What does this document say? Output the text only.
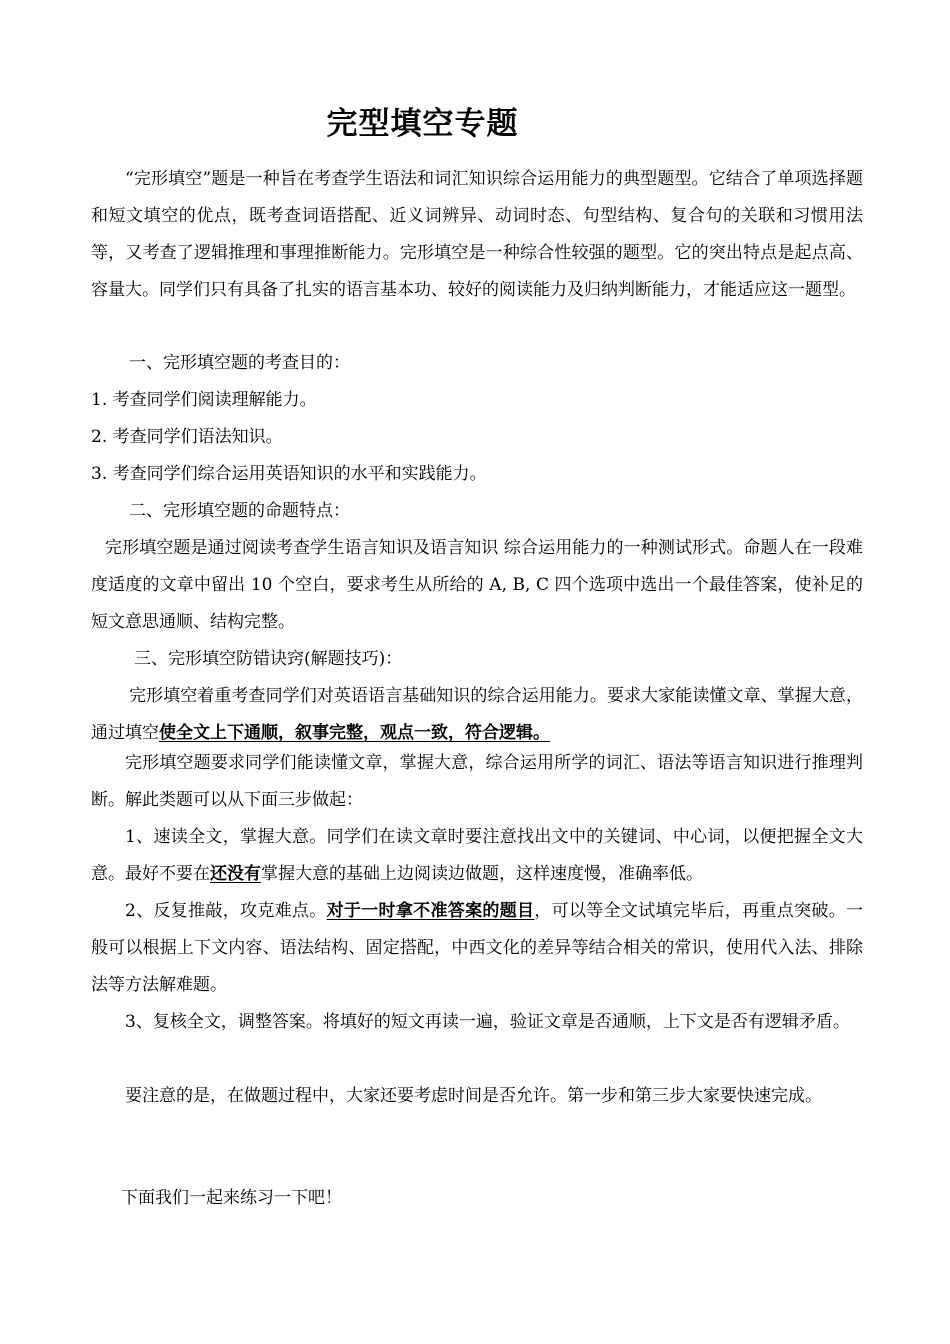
完型填空专题

“完形填空”题是一种旨在考查学生语法和词汇知识综合运用能力的典型题型。它结合了单项选择题和短文填空的优点，既考查词语搭配、近义词辨异、动词时态、句型结构、复合句的关联和习惯用法等，又考查了逻辑推理和事理推断能力。完形填空是一种综合性较强的题型。它的突出特点是起点高、容量大。同学们只有具备了扎实的语言基本功、较好的阅读能力及归纳判断能力，才能适应这一题型。

一、完形填空题的考查目的：

1. 考查同学们阅读理解能力。

2. 考查同学们语法知识。

3. 考查同学们综合运用英语知识的水平和实践能力。

二、完形填空题的命题特点：

完形填空题是通过阅读考查学生语言知识及语言知识 综合运用能力的一种测试形式。命题人在一段难度适度的文章中留出 10 个空白，要求考生从所给的 A, B, C 四个选项中选出一个最佳答案，使补足的短文意思通顺、结构完整。

三、完形填空防错诀窍(解题技巧)：

完形填空着重考查同学们对英语语言基础知识的综合运用能力。要求大家能读懂文章、掌握大意，通过填空使全文上下通顺，叙事完整，观点一致，符合逻辑。

完形填空题要求同学们能读懂文章，掌握大意，综合运用所学的词汇、语法等语言知识进行推理判断。解此类题可以从下面三步做起：

1、速读全文，掌握大意。同学们在读文章时要注意找出文中的关键词、中心词，以便把握全文大意。最好不要在还没有掌握大意的基础上边阅读边做题，这样速度慢，准确率低。

2、反复推敲，攻克难点。对于一时拿不准答案的题目，可以等全文试填完毕后，再重点突破。一般可以根据上下文内容、语法结构、固定搭配，中西文化的差异等结合相关的常识，使用代入法、排除法等方法解难题。

3、复核全文，调整答案。将填好的短文再读一遍，验证文章是否通顺，上下文是否有逻辑矛盾。

要注意的是，在做题过程中，大家还要考虑时间是否允许。第一步和第三步大家要快速完成。

下面我们一起来练习一下吧！
